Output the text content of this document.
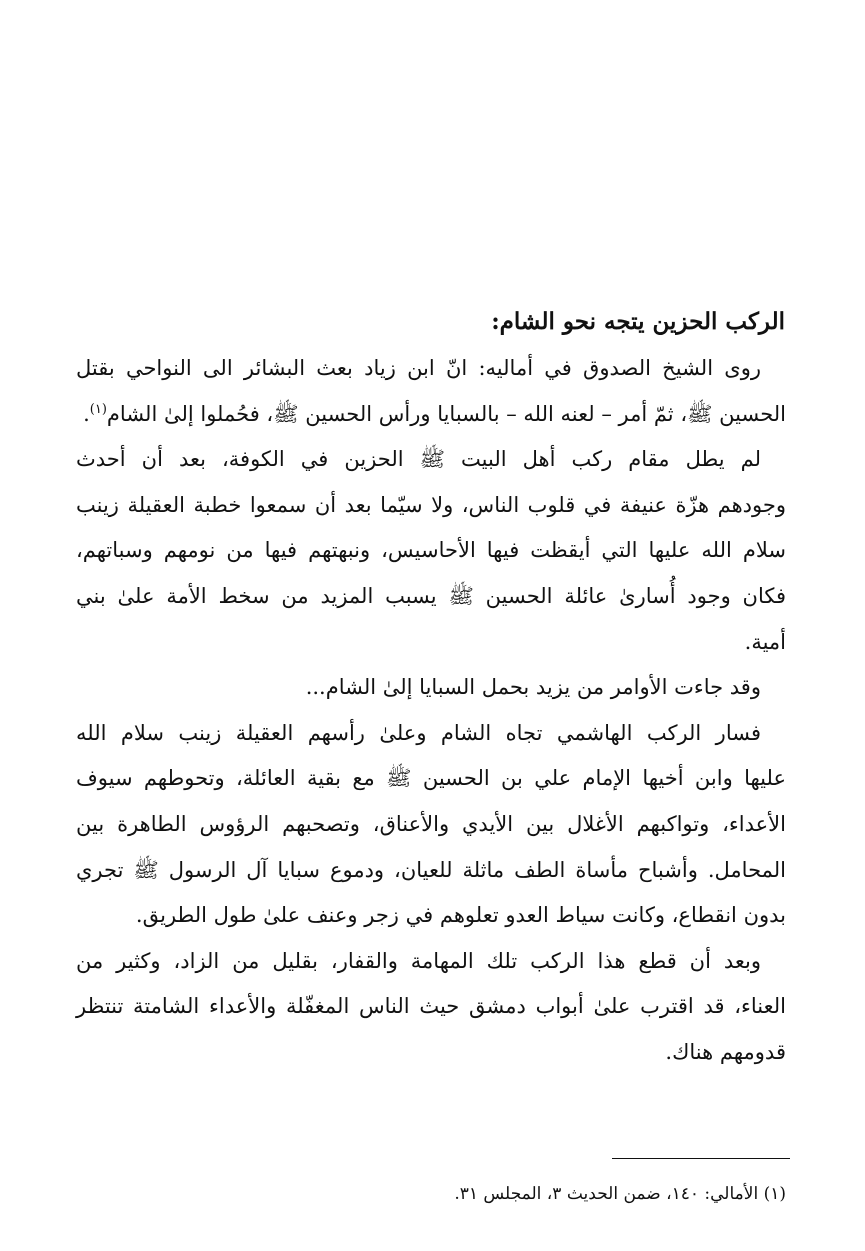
الركب الحزين يتجه نحو الشام:
روى الشيخ الصدوق في أماليه: انّ ابن زياد بعث البشائر الى النواحي بقتل
الحسين ﷺ، ثمّ أمر – لعنه الله – بالسبايا ورأس الحسين ﷺ، فحُملوا إلىٰ الشام$^{(١)}$.
لم يطل مقام ركب أهل البيت ﷺ الحزين في الكوفة، بعد أن أحدث
وجودهم هزّة عنيفة في قلوب الناس، ولا سيّما بعد أن سمعوا خطبة العقيلة زينب
سلام الله عليها التي أيقظت فيها الأحاسيس، ونبهتهم فيها من نومهم وسباتهم،
فكان وجود أُسارىٰ عائلة الحسين ﷺ يسبب المزيد من سخط الأمة علىٰ بني
أمية.
وقد جاءت الأوامر من يزيد بحمل السبايا إلىٰ الشام...
فسار الركب الهاشمي تجاه الشام وعلىٰ رأسهم العقيلة زينب سلام الله
عليها وابن أخيها الإمام علي بن الحسين ﷺ مع بقية العائلة، وتحوطهم سيوف
الأعداء، وتواكبهم الأغلال بين الأيدي والأعناق، وتصحبهم الرؤوس الطاهرة بين
المحامل. وأشباح مأساة الطف ماثلة للعيان، ودموع سبايا آل الرسول ﷺ تجري
بدون انقطاع، وكانت سياط العدو تعلوهم في زجر وعنف علىٰ طول الطريق.
وبعد أن قطع هذا الركب تلك المهامة والقفار، بقليل من الزاد، وكثير من
العناء، قد اقترب علىٰ أبواب دمشق حيث الناس المغفّلة والأعداء الشامتة تنتظر
قدومهم هناك.
(١) الأمالي: ١٤٠، ضمن الحديث ٣، المجلس ٣١.
